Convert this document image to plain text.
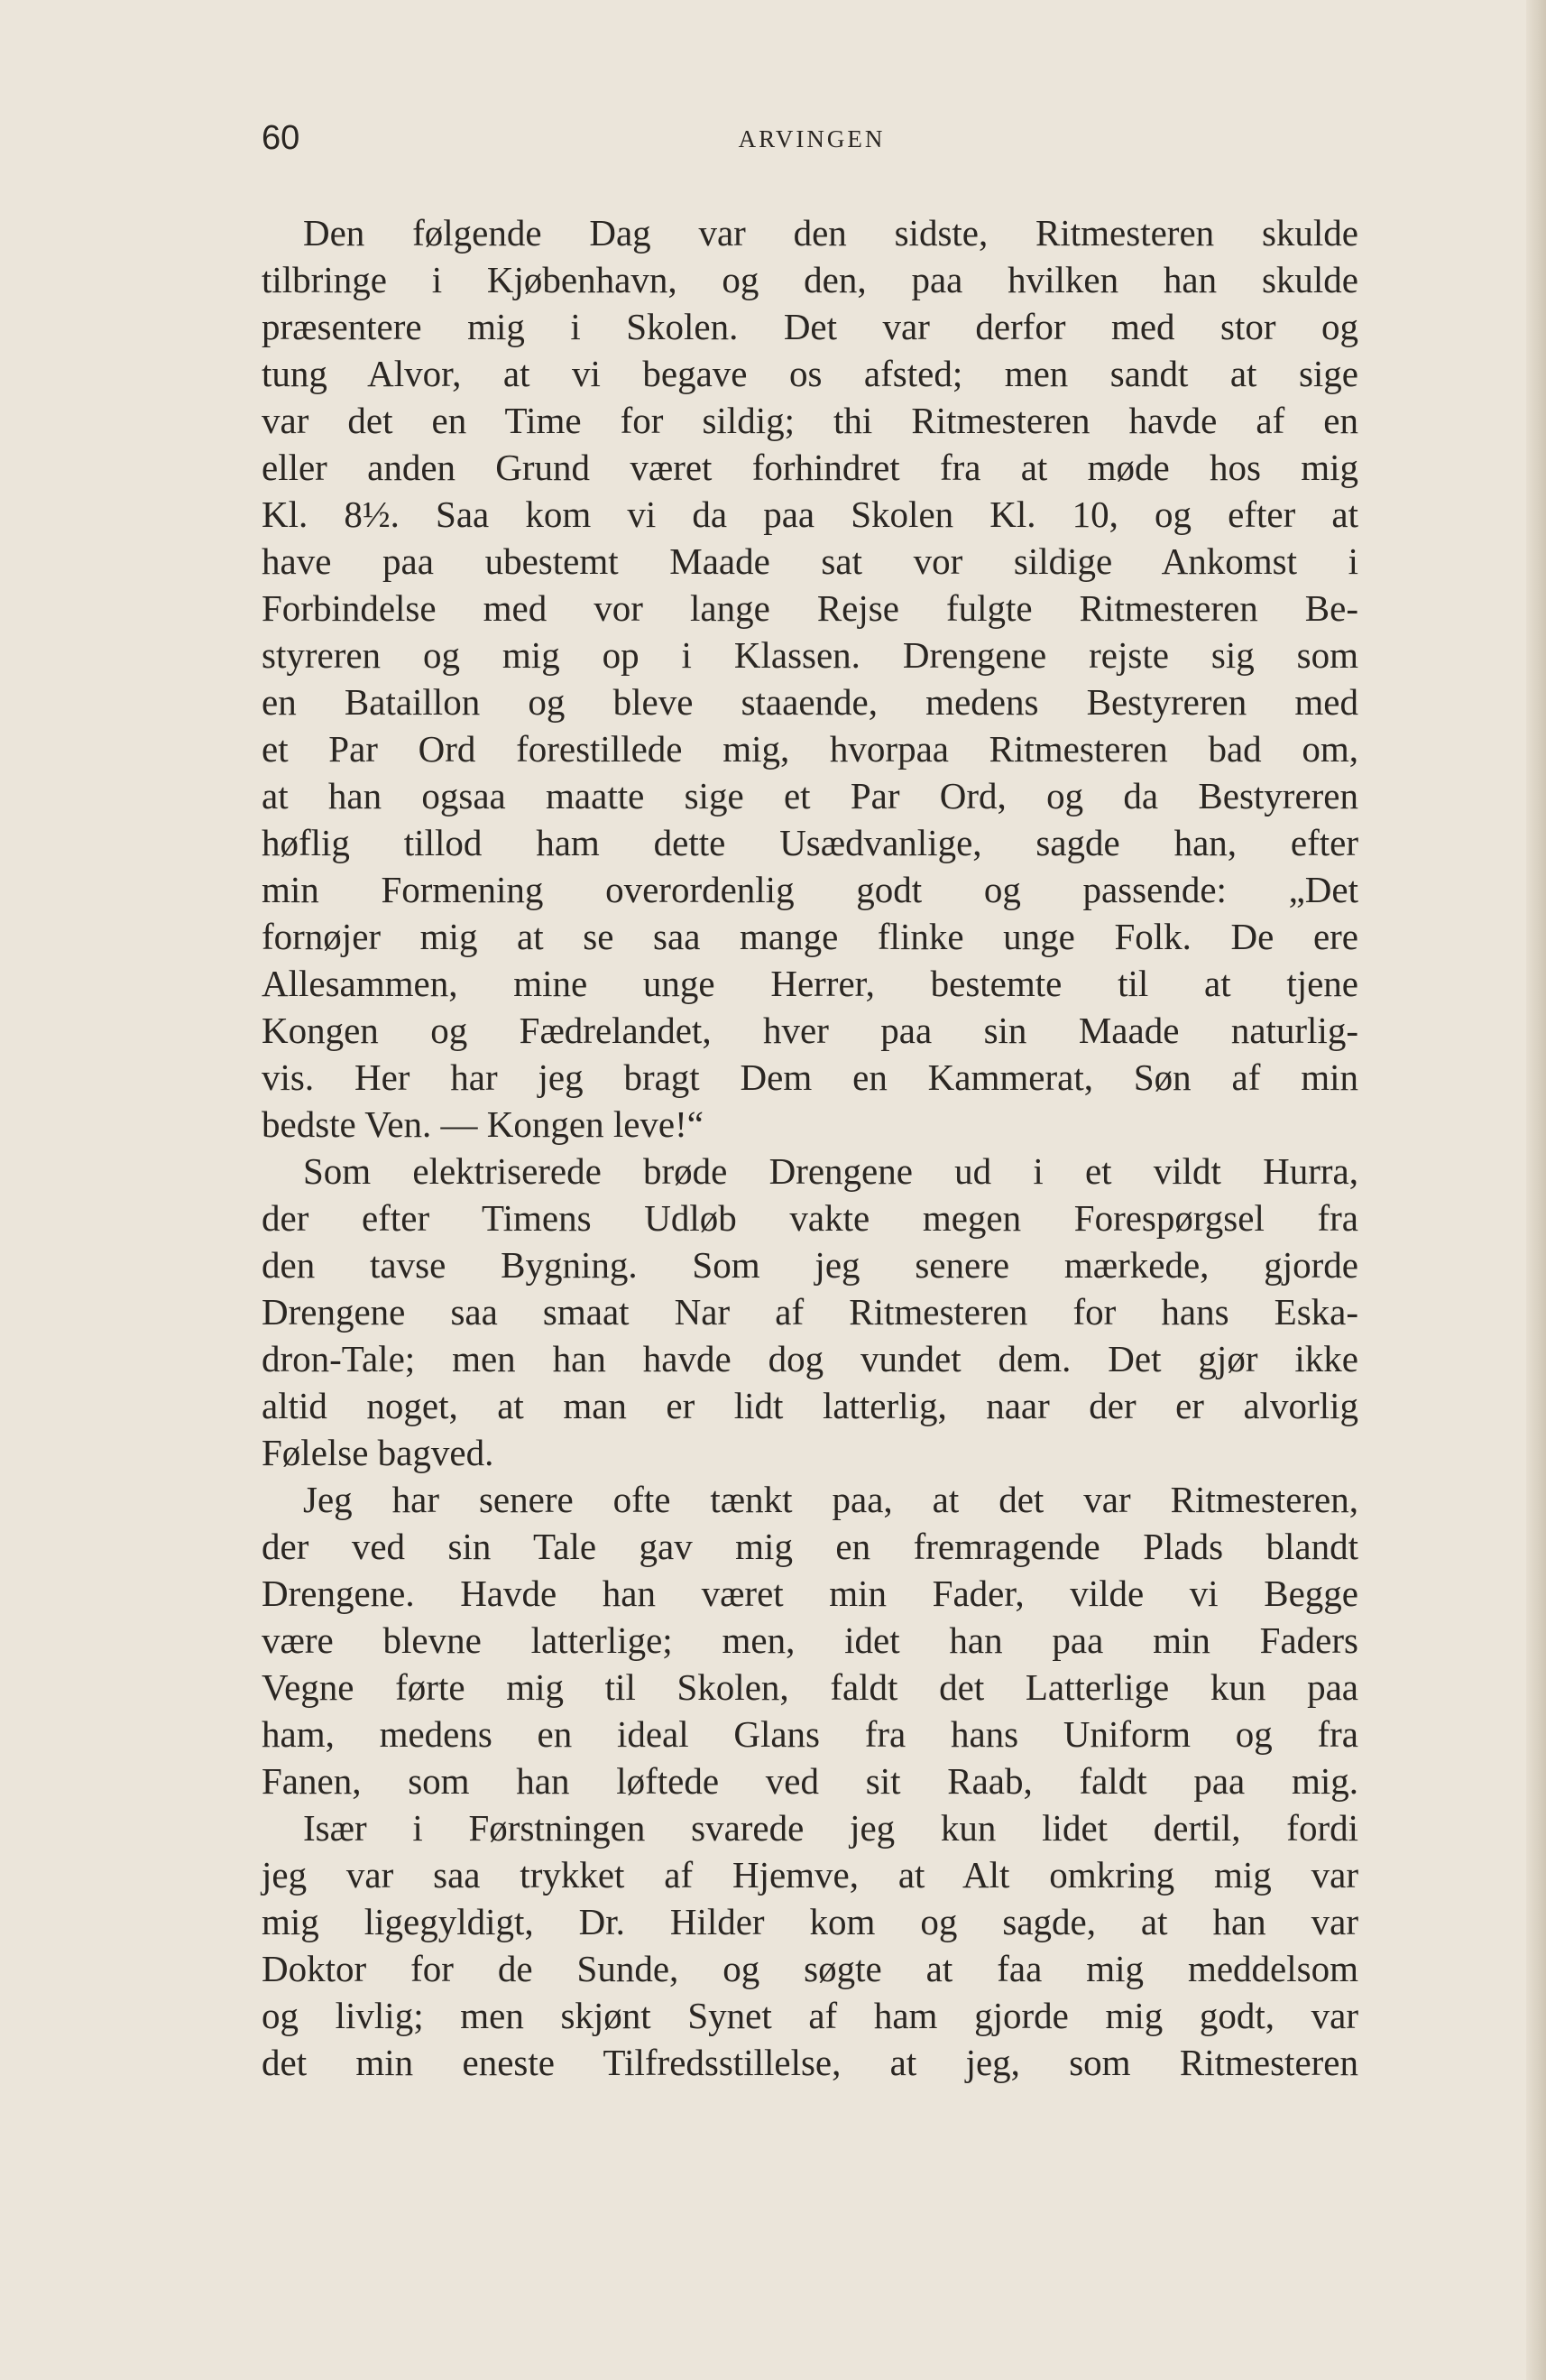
60	ARVINGEN
Den følgende Dag var den sidste, Ritmesteren skulde
tilbringe i Kjøbenhavn, og den, paa hvilken han skulde
præsentere mig i Skolen. Det var derfor med stor og
tung Alvor, at vi begave os afsted; men sandt at sige
var det en Time for sildig; thi Ritmesteren havde af en
eller anden Grund været forhindret fra at møde hos mig
Kl. 8½. Saa kom vi da paa Skolen Kl. 10, og efter at
have paa ubestemt Maade sat vor sildige Ankomst i
Forbindelse med vor lange Rejse fulgte Ritmesteren Be-
styreren og mig op i Klassen. Drengene rejste sig som
en Bataillon og bleve staaende, medens Bestyreren med
et Par Ord forestillede mig, hvorpaa Ritmesteren bad om,
at han ogsaa maatte sige et Par Ord, og da Bestyreren
høflig tillod ham dette Usædvanlige, sagde han, efter
min Formening overordenlig godt og passende: „Det
fornøjer mig at se saa mange flinke unge Folk. De ere
Allesammen, mine unge Herrer, bestemte til at tjene
Kongen og Fædrelandet, hver paa sin Maade naturlig-
vis. Her har jeg bragt Dem en Kammerat, Søn af min
bedste Ven. — Kongen leve!“
Som elektriserede brøde Drengene ud i et vildt Hurra,
der efter Timens Udløb vakte megen Forespørgsel fra
den tavse Bygning. Som jeg senere mærkede, gjorde
Drengene saa smaat Nar af Ritmesteren for hans Eska-
dron-Tale; men han havde dog vundet dem. Det gjør ikke
altid noget, at man er lidt latterlig, naar der er alvorlig
Følelse bagved.
Jeg har senere ofte tænkt paa, at det var Ritmesteren,
der ved sin Tale gav mig en fremragende Plads blandt
Drengene. Havde han været min Fader, vilde vi Begge
være blevne latterlige; men, idet han paa min Faders
Vegne førte mig til Skolen, faldt det Latterlige kun paa
ham, medens en ideal Glans fra hans Uniform og fra
Fanen, som han løftede ved sit Raab, faldt paa mig.
Især i Førstningen svarede jeg kun lidet dertil, fordi
jeg var saa trykket af Hjemve, at Alt omkring mig var
mig ligegyldigt, Dr. Hilder kom og sagde, at han var
Doktor for de Sunde, og søgte at faa mig meddelsom
og livlig; men skjønt Synet af ham gjorde mig godt, var
det min eneste Tilfredsstillelse, at jeg, som Ritmesteren
